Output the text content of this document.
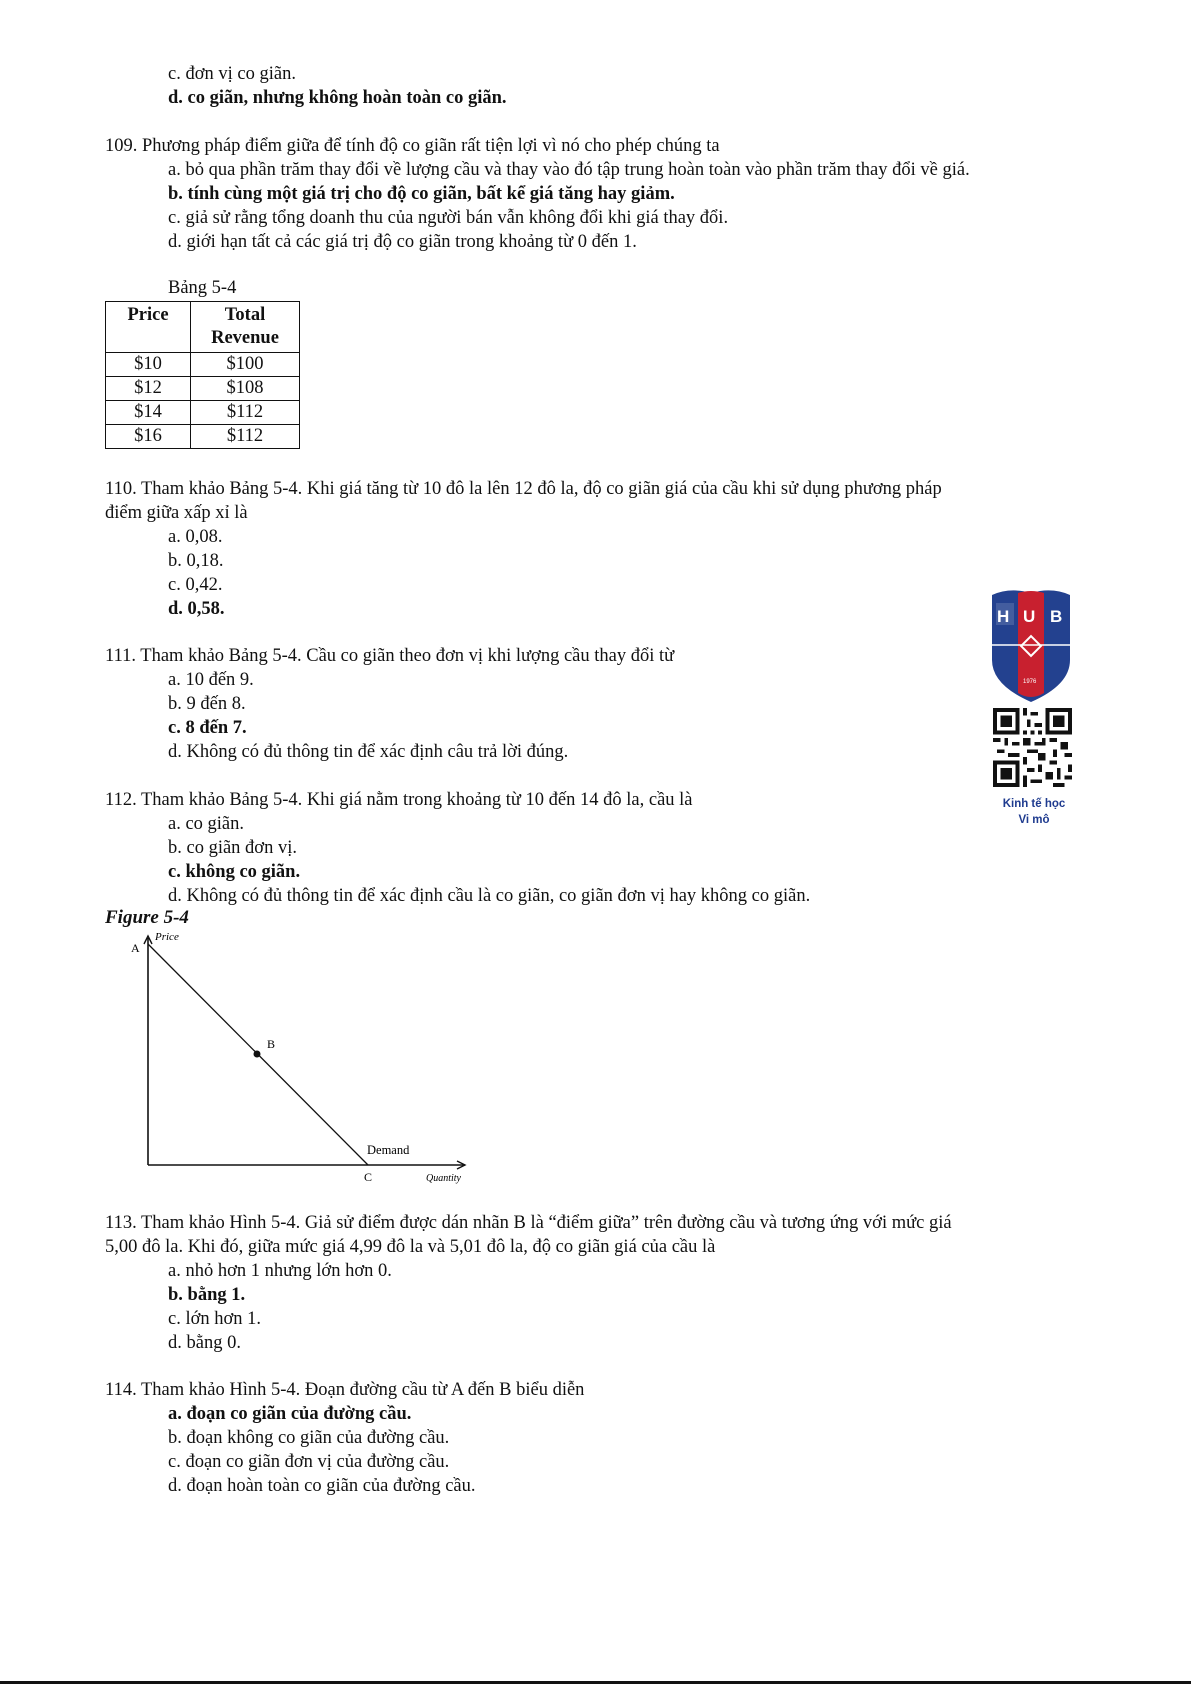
c. đơn vị co giãn.
d. co giãn, nhưng không hoàn toàn co giãn.
109. Phương pháp điểm giữa để tính độ co giãn rất tiện lợi vì nó cho phép chúng ta
a. bỏ qua phần trăm thay đổi về lượng cầu và thay vào đó tập trung hoàn toàn vào phần trăm thay đổi về giá.
b. tính cùng một giá trị cho độ co giãn, bất kể giá tăng hay giảm.
c. giả sử rằng tổng doanh thu của người bán vẫn không đổi khi giá thay đổi.
d. giới hạn tất cả các giá trị độ co giãn trong khoảng từ 0 đến 1.
Bảng 5-4
Price	Total
Revenue
$10	$100
$12	$108
$14	$112
$16	$112
110. Tham khảo Bảng 5-4. Khi giá tăng từ 10 đô la lên 12 đô la, độ co giãn giá của cầu khi sử dụng phương pháp
điểm giữa xấp xỉ là
a. 0,08.
b. 0,18.
c. 0,42.
d. 0,58.
111. Tham khảo Bảng 5-4. Cầu co giãn theo đơn vị khi lượng cầu thay đổi từ
a. 10 đến 9.
b. 9 đến 8.
c. 8 đến 7.
d. Không có đủ thông tin để xác định câu trả lời đúng.
112. Tham khảo Bảng 5-4. Khi giá nằm trong khoảng từ 10 đến 14 đô la, cầu là
a. co giãn.
b. co giãn đơn vị.
c. không co giãn.
d. Không có đủ thông tin để xác định cầu là co giãn, co giãn đơn vị hay không co giãn.
Figure 5-4
Price
A
B
Demand
C	Quantity
113. Tham khảo Hình 5-4. Giả sử điểm được dán nhãn B là “điểm giữa” trên đường cầu và tương ứng với mức giá
5,00 đô la. Khi đó, giữa mức giá 4,99 đô la và 5,01 đô la, độ co giãn giá của cầu là
a. nhỏ hơn 1 nhưng lớn hơn 0.
b. bằng 1.
c. lớn hơn 1.
d. bằng 0.
114. Tham khảo Hình 5-4. Đoạn đường cầu từ A đến B biểu diễn
a. đoạn co giãn của đường cầu.
b. đoạn không co giãn của đường cầu.
c. đoạn co giãn đơn vị của đường cầu.
d. đoạn hoàn toàn co giãn của đường cầu.
H U B
1976
Kinh tế học
Vi mô
